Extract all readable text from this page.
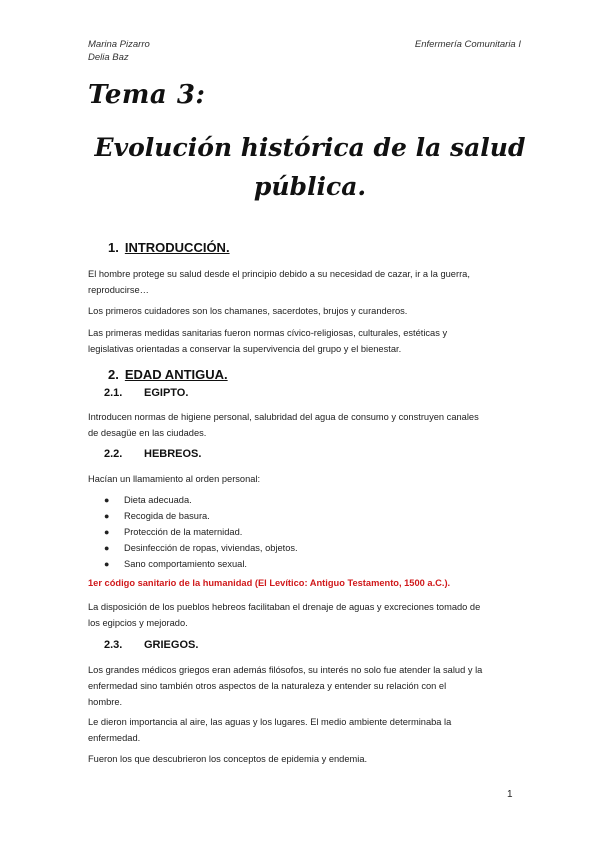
Marina Pizarro
Delia Baz
Enfermería Comunitaria I
Tema 3:
Evolución histórica de la salud
pública.
1. INTRODUCCIÓN.
El hombre protege su salud desde el principio debido a su necesidad de cazar, ir a la guerra,
reproducirse…
Los primeros cuidadores son los chamanes, sacerdotes, brujos y curanderos.
Las primeras medidas sanitarias fueron normas cívico-religiosas, culturales, estéticas y
legislativas orientadas a conservar la supervivencia del grupo y el bienestar.
2. EDAD ANTIGUA.
2.1. EGIPTO.
Introducen normas de higiene personal, salubridad del agua de consumo y construyen canales
de desagüe en las ciudades.
2.2. HEBREOS.
Hacían un llamamiento al orden personal:
● Dieta adecuada.
● Recogida de basura.
● Protección de la maternidad.
● Desinfección de ropas, viviendas, objetos.
● Sano comportamiento sexual.
1er código sanitario de la humanidad (El Levítico: Antiguo Testamento, 1500 a.C.).
La disposición de los pueblos hebreos facilitaban el drenaje de aguas y excreciones tomado de
los egipcios y mejorado.
2.3. GRIEGOS.
Los grandes médicos griegos eran además filósofos, su interés no solo fue atender la salud y la
enfermedad sino también otros aspectos de la naturaleza y entender su relación con el
hombre.
Le dieron importancia al aire, las aguas y los lugares. El medio ambiente determinaba la
enfermedad.
Fueron los que descubrieron los conceptos de epidemia y endemia.
1
